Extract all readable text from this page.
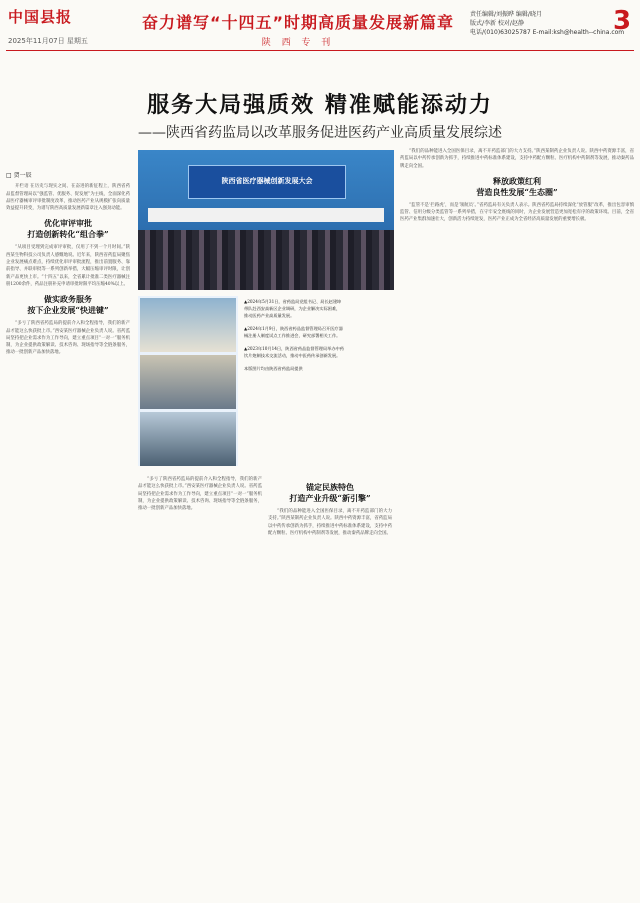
中国县报
2025年11月07日 星期五
奋力谱写“十四五”时期高质量发展新篇章
陕 西 专 刊
责任编辑/刘振晔 编辑/晓月
版式/李新 校对/赵静
电话/(010)63025787 E-mail:ksh@health--china.com
3
服务大局强质效 精准赋能添动力
——陕西省药监局以改革服务促进医药产业高质量发展综述
□ 贺一辰

开栏语 在历史与现实之间、在奋进的新征程上，陕西省药品监督管理局以“强监管、优服务、促发展”为主线，全面深化药品医疗器械审评审批制度改革，推动医药产业从规模扩张向质量效益提升转变，为谱写陕西高质量发展新篇章注入强劲动能。

优化审评审批
打造创新转化“组合拳”

“从项目受理到完成审评审批，仅用了不到一个月时间。”陕西某生物科技公司负责人感慨地说。近年来，陕西省药监局聚焦企业发展痛点难点，持续优化审评审批流程，推出前置服务、靠前指导、并联审批等一系列创新举措，大幅压缩审评时限，让创新产品更快上市。“十四五”以来，全省累计批准二类医疗器械注册1200余件，药品注册补充申请审批时限平均压缩40%以上。

做实政务服务
按下企业发展“快进键”

“多亏了陕西省药监局的提前介入和全程指导，我们的新产品才能这么快获批上市。”西安某医疗器械企业负责人说。省药监局坚持把企业需求作为工作导向，建立重点项目“一对一”服务机制，为企业提供政策解读、技术咨询、现场指导等全链条服务，推动一批创新产品加快落地。

陕西省医疗器械创新发展大会

▲2024年5月31日，省药监局党组书记、局长赵建坤带队赴西安高新区企业调研，为企业解决实际困难，推动医药产业高质量发展。

▲2024年1月9日，陕西省药品监督管理局召开医疗器械注册人制度试点工作推进会，研究部署相关工作。

▲2023年10月14日，陕西省药品监督管理局举办中药饮片炮制技术交流活动，推动中医药传承创新发展。

本版图片均由陕西省药监局提供

“多亏了陕西省药监局的提前介入和全程指导，我们的新产品才能这么快获批上市。”西安某医疗器械企业负责人说。省药监局坚持把企业需求作为工作导向，建立重点项目“一对一”服务机制，为企业提供政策解读、技术咨询、现场指导等全链条服务，推动一批创新产品加快落地。

锚定民族特色
打造产业升级“新引擎”

“我们的品种能进入全国医保目录，离不开药监部门的大力支持。”陕西某制药企业负责人说。陕西中药资源丰富，省药监局以中药传承创新为抓手，持续推进中药标准体系建设，支持中药配方颗粒、医疗机构中药制剂等发展，推动秦药品牌走向全国。

“我们的品种能进入全国医保目录，离不开药监部门的大力支持。”陕西某制药企业负责人说。陕西中药资源丰富，省药监局以中药传承创新为抓手，持续推进中药标准体系建设，支持中药配方颗粒、医疗机构中药制剂等发展，推动秦药品牌走向全国。

释放政策红利
营造良性发展“生态圈”

“监管不是‘拦路虎’，而是‘领航员’。”省药监局有关负责人表示。陕西省药监局持续深化“放管服”改革，推出包容审慎监管、信用分级分类监管等一系列举措，在守牢安全底线的同时，为企业发展营造更加宽松有序的政策环境。目前，全省医药产业集群加速壮大，创新活力持续迸发，医药产业正成为全省经济高质量发展的重要增长极。
